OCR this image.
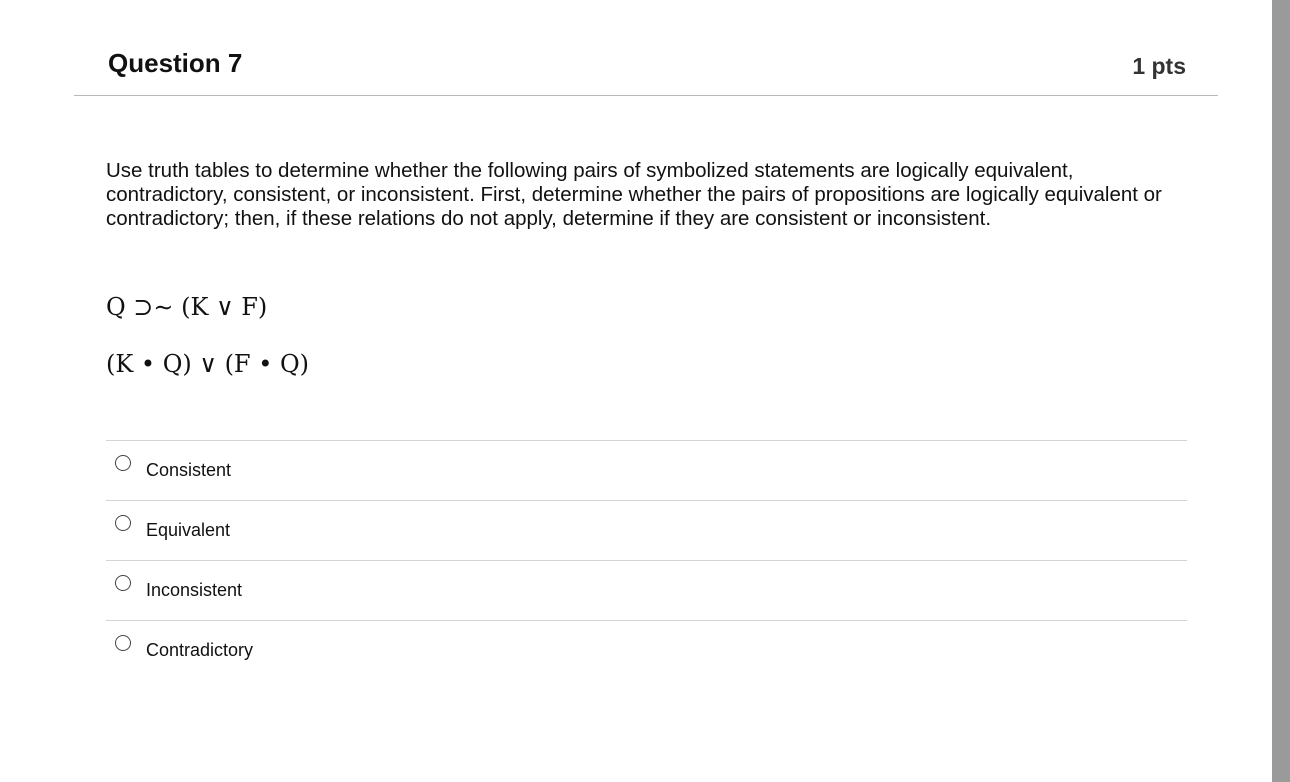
Question 7	1 pts

Use truth tables to determine whether the following pairs of symbolized statements are logically equivalent, contradictory, consistent, or inconsistent. First, determine whether the pairs of propositions are logically equivalent or contradictory; then, if these relations do not apply, determine if they are consistent or inconsistent.

Q ⊃∼ (K ∨ F)

(K • Q) ∨ (F • Q)

Consistent
Equivalent
Inconsistent
Contradictory
